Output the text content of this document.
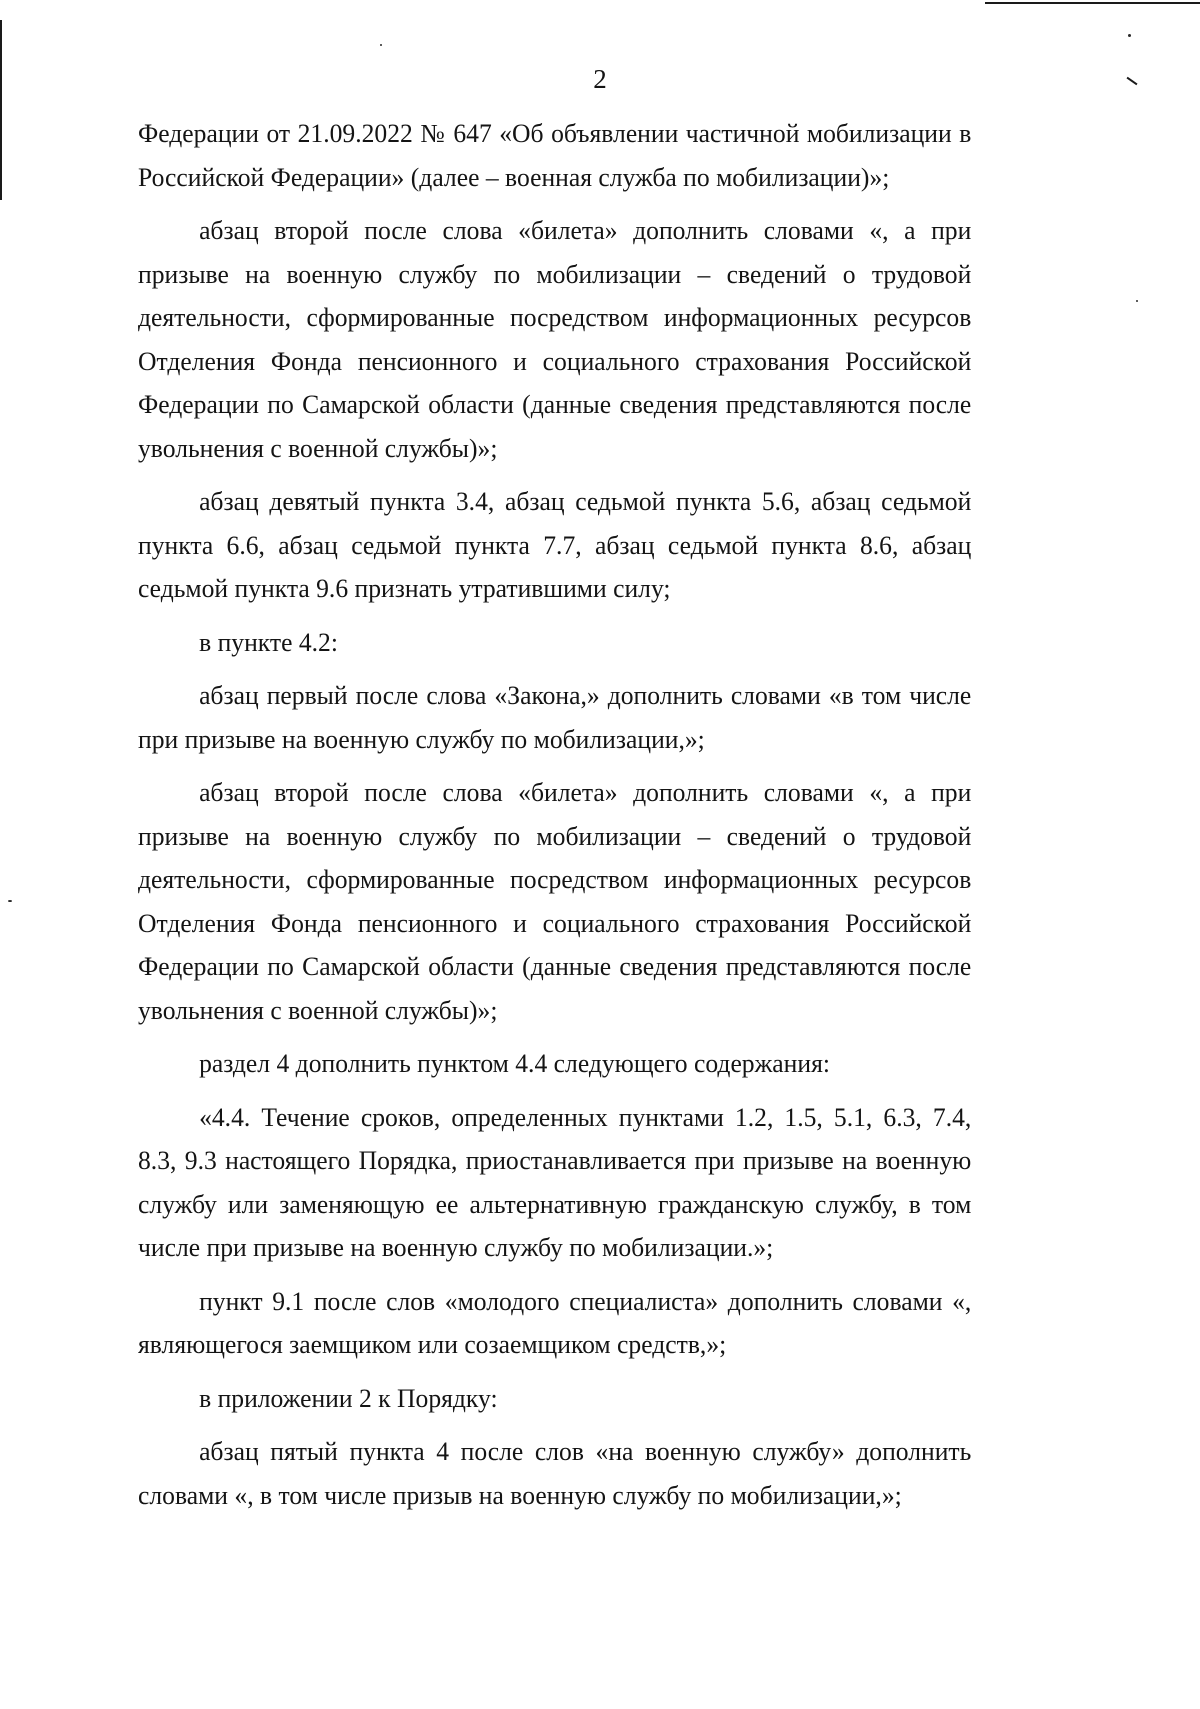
2

Федерации от 21.09.2022 № 647 «Об объявлении частичной мобилизации в Российской Федерации» (далее – военная служба по мобилизации)»;

абзац второй после слова «билета» дополнить словами «, а при призыве на военную службу по мобилизации – сведений о трудовой деятельности, сформированные посредством информационных ресурсов Отделения Фонда пенсионного и социального страхования Российской Федерации по Самарской области (данные сведения представляются после увольнения с военной службы)»;

абзац девятый пункта 3.4, абзац седьмой пункта 5.6, абзац седьмой пункта 6.6, абзац седьмой пункта 7.7, абзац седьмой пункта 8.6, абзац седьмой пункта 9.6 признать утратившими силу;

в пункте 4.2:

абзац первый после слова «Закона,» дополнить словами «в том числе при призыве на военную службу по мобилизации,»;

абзац второй после слова «билета» дополнить словами «, а при призыве на военную службу по мобилизации – сведений о трудовой деятельности, сформированные посредством информационных ресурсов Отделения Фонда пенсионного и социального страхования Российской Федерации по Самарской области (данные сведения представляются после увольнения с военной службы)»;

раздел 4 дополнить пунктом 4.4 следующего содержания:

«4.4. Течение сроков, определенных пунктами 1.2, 1.5, 5.1, 6.3, 7.4, 8.3, 9.3 настоящего Порядка, приостанавливается при призыве на военную службу или заменяющую ее альтернативную гражданскую службу, в том числе при призыве на военную службу по мобилизации.»;

пункт 9.1 после слов «молодого специалиста» дополнить словами «, являющегося заемщиком или созаемщиком средств,»;

в приложении 2 к Порядку:

абзац пятый пункта 4 после слов «на военную службу» дополнить словами «, в том числе призыв на военную службу по мобилизации,»;
